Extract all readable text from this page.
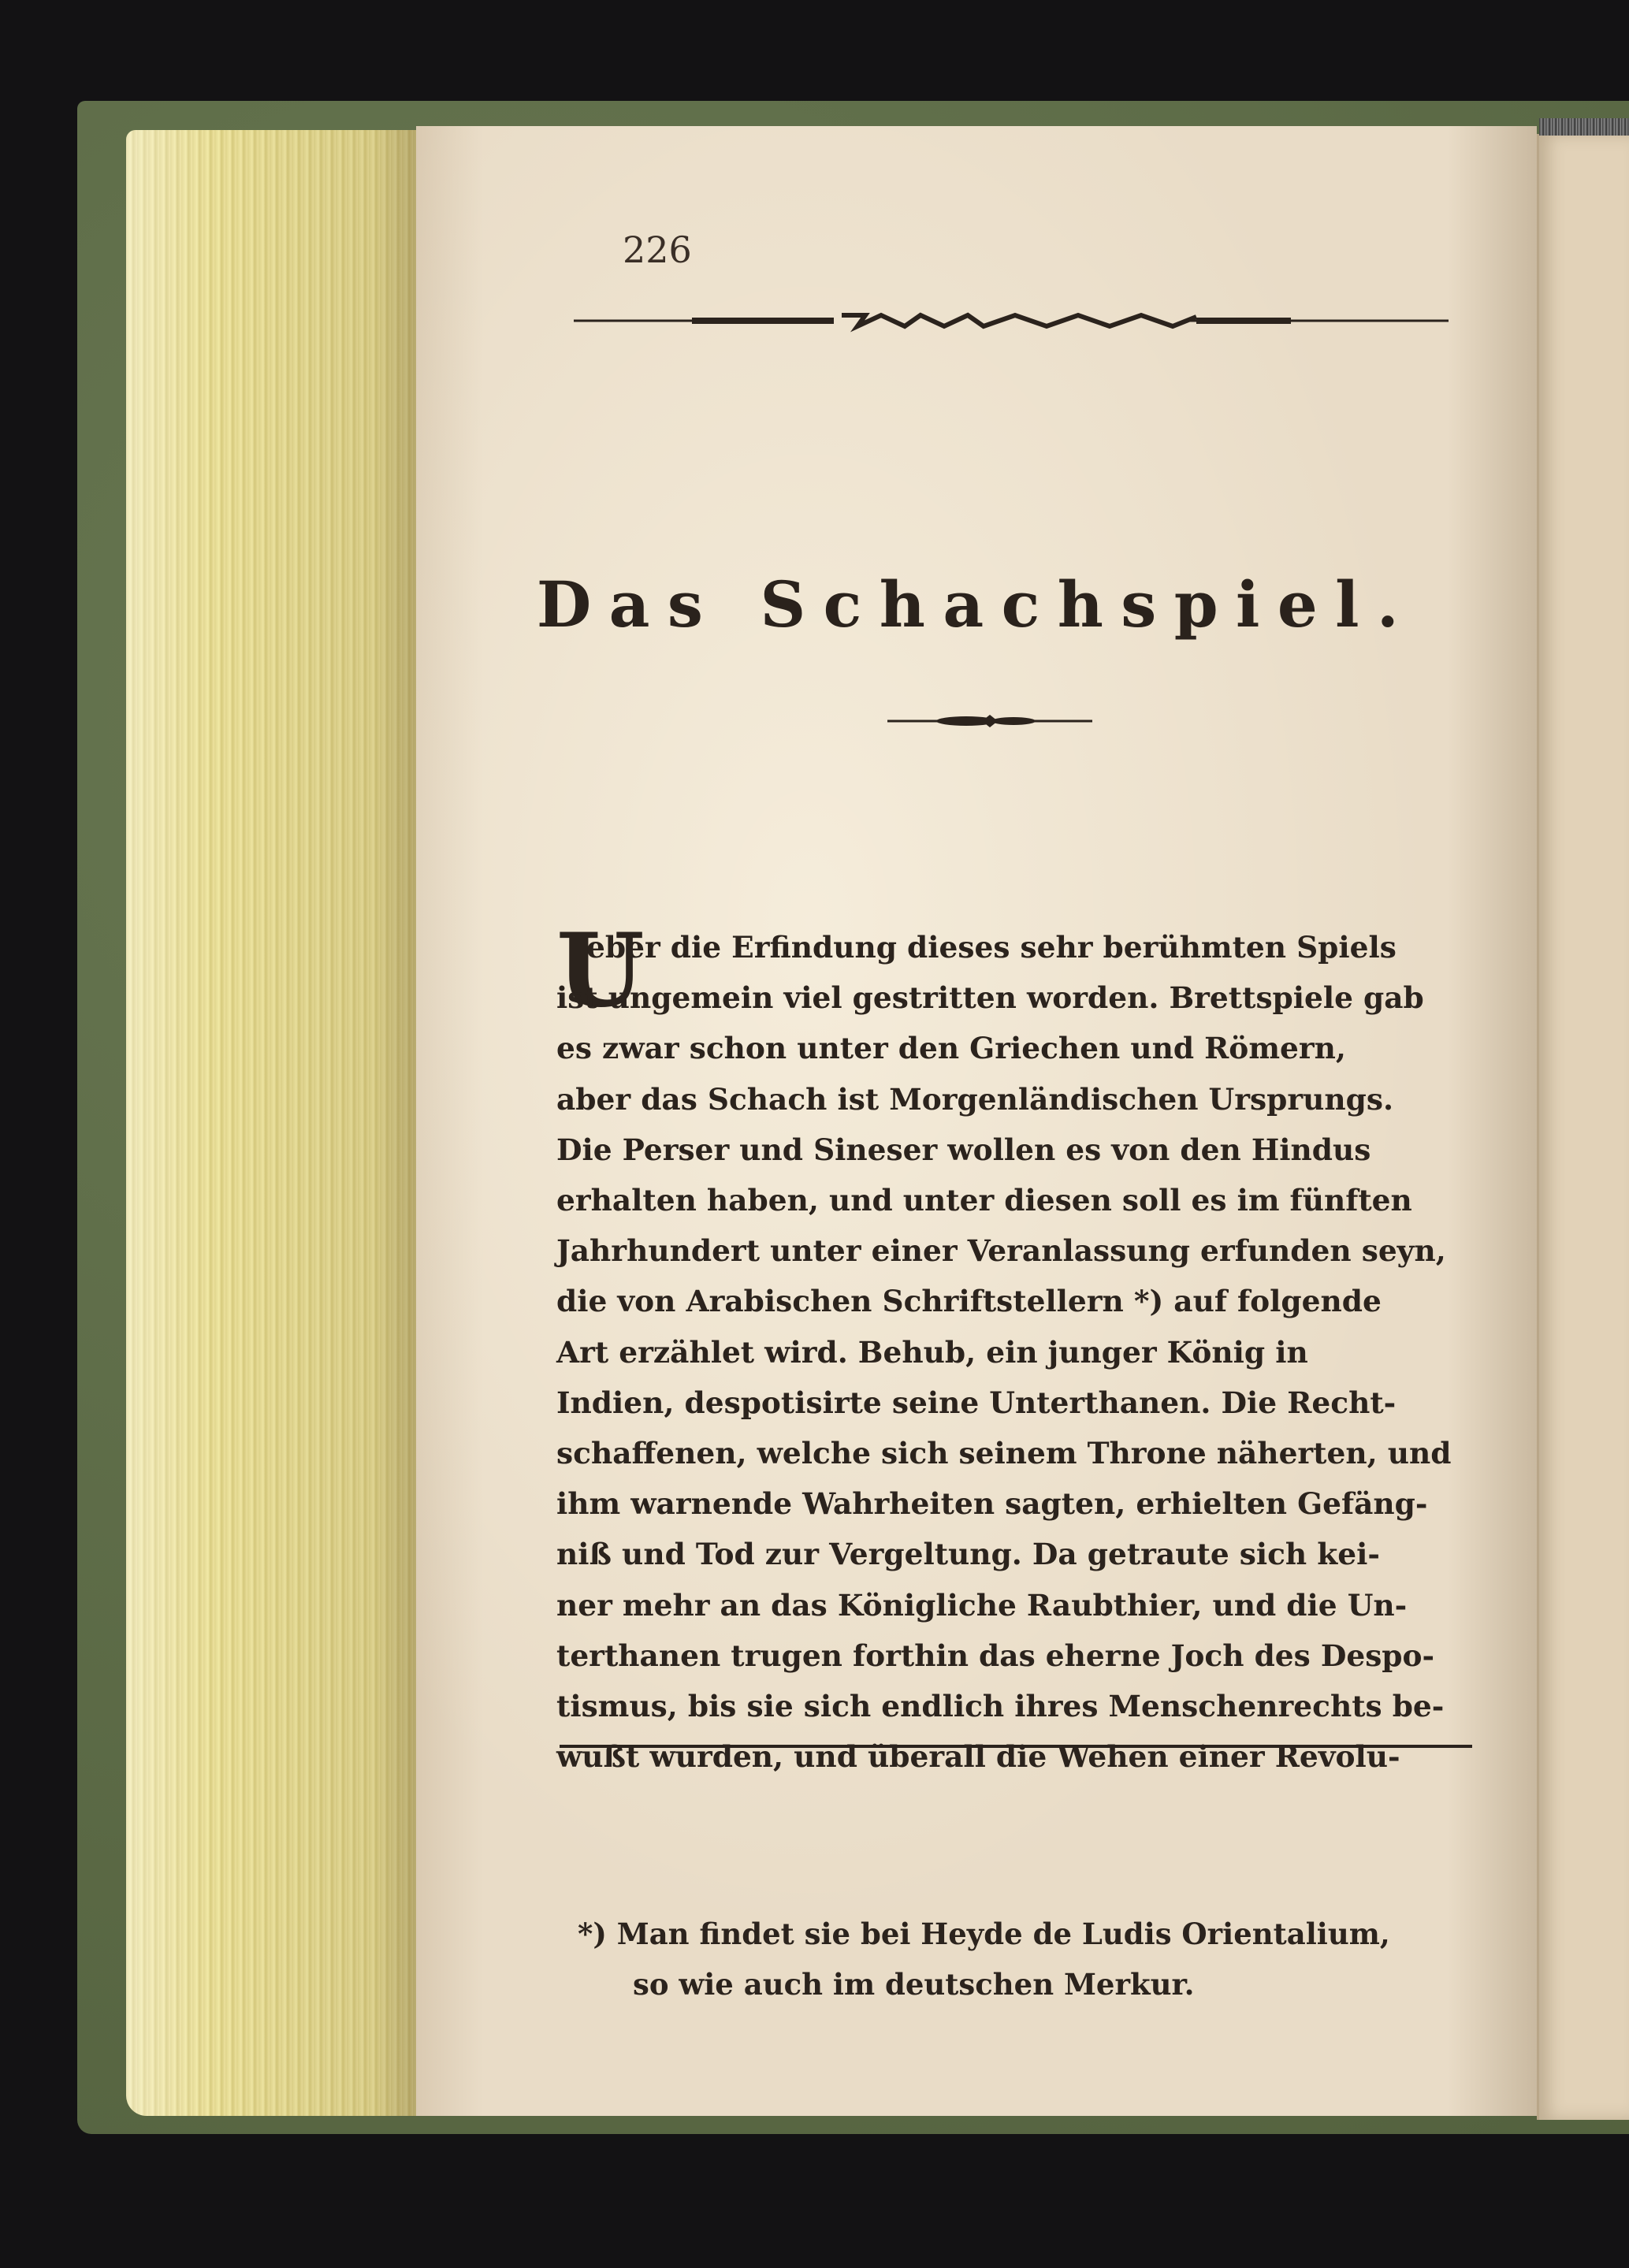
226

Das Schachspiel.
U

eber die Erfindung dieses sehr berühmten Spiels
ist ungemein viel gestritten worden. Brettspiele gab
es zwar schon unter den Griechen und Römern,
aber das Schach ist Morgenländischen Ursprungs.
Die Perser und Sineser wollen es von den Hindus
erhalten haben, und unter diesen soll es im fünften
Jahrhundert unter einer Veranlassung erfunden seyn,
die von Arabischen Schriftstellern *) auf folgende
Art erzählet wird. Behub, ein junger König in
Indien, despotisirte seine Unterthanen. Die Recht-
schaffenen, welche sich seinem Throne näherten, und
ihm warnende Wahrheiten sagten, erhielten Gefäng-
niß und Tod zur Vergeltung. Da getraute sich kei-
ner mehr an das Königliche Raubthier, und die Un-
terthanen trugen forthin das eherne Joch des Despo-
tismus, bis sie sich endlich ihres Menschenrechts be-
wußt wurden, und überall die Wehen einer Revolu-

*) Man findet sie bei Heyde de Ludis Orientalium,
so wie auch im deutschen Merkur.
